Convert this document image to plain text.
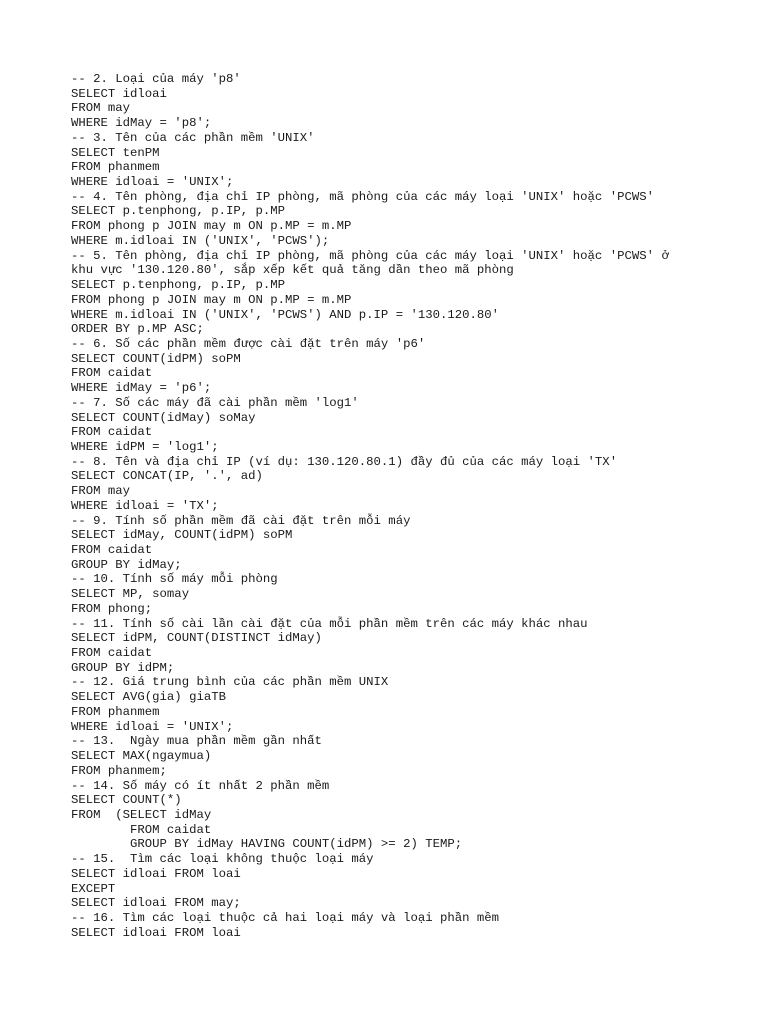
-- 2. Loại của máy 'p8'
SELECT idloai
FROM may
WHERE idMay = 'p8';
-- 3. Tên của các phần mềm 'UNIX'
SELECT tenPM
FROM phanmem
WHERE idloai = 'UNIX';
-- 4. Tên phòng, địa chỉ IP phòng, mã phòng của các máy loại 'UNIX' hoặc 'PCWS'
SELECT p.tenphong, p.IP, p.MP
FROM phong p JOIN may m ON p.MP = m.MP
WHERE m.idloai IN ('UNIX', 'PCWS');
-- 5. Tên phòng, địa chỉ IP phòng, mã phòng của các máy loại 'UNIX' hoặc 'PCWS' ở
khu vực '130.120.80', sắp xếp kết quả tăng dần theo mã phòng
SELECT p.tenphong, p.IP, p.MP
FROM phong p JOIN may m ON p.MP = m.MP
WHERE m.idloai IN ('UNIX', 'PCWS') AND p.IP = '130.120.80'
ORDER BY p.MP ASC;
-- 6. Số các phần mềm được cài đặt trên máy 'p6'
SELECT COUNT(idPM) soPM
FROM caidat
WHERE idMay = 'p6';
-- 7. Số các máy đã cài phần mềm 'log1'
SELECT COUNT(idMay) soMay
FROM caidat
WHERE idPM = 'log1';
-- 8. Tên và địa chỉ IP (ví dụ: 130.120.80.1) đầy đủ của các máy loại 'TX'
SELECT CONCAT(IP, '.', ad)
FROM may
WHERE idloai = 'TX';
-- 9. Tính số phần mềm đã cài đặt trên mỗi máy
SELECT idMay, COUNT(idPM) soPM
FROM caidat
GROUP BY idMay;
-- 10. Tính số máy mỗi phòng
SELECT MP, somay
FROM phong;
-- 11. Tính số cài lần cài đặt của mỗi phần mềm trên các máy khác nhau
SELECT idPM, COUNT(DISTINCT idMay)
FROM caidat
GROUP BY idPM;
-- 12. Giá trung bình của các phần mềm UNIX
SELECT AVG(gia) giaTB
FROM phanmem
WHERE idloai = 'UNIX';
-- 13.  Ngày mua phần mềm gần nhất
SELECT MAX(ngaymua)
FROM phanmem;
-- 14. Số máy có ít nhất 2 phần mềm
SELECT COUNT(*)
FROM  (SELECT idMay
FROM caidat
GROUP BY idMay HAVING COUNT(idPM) >= 2) TEMP;
-- 15.  Tìm các loại không thuộc loại máy
SELECT idloai FROM loai
EXCEPT
SELECT idloai FROM may;
-- 16. Tìm các loại thuộc cả hai loại máy và loại phần mềm
SELECT idloai FROM loai
